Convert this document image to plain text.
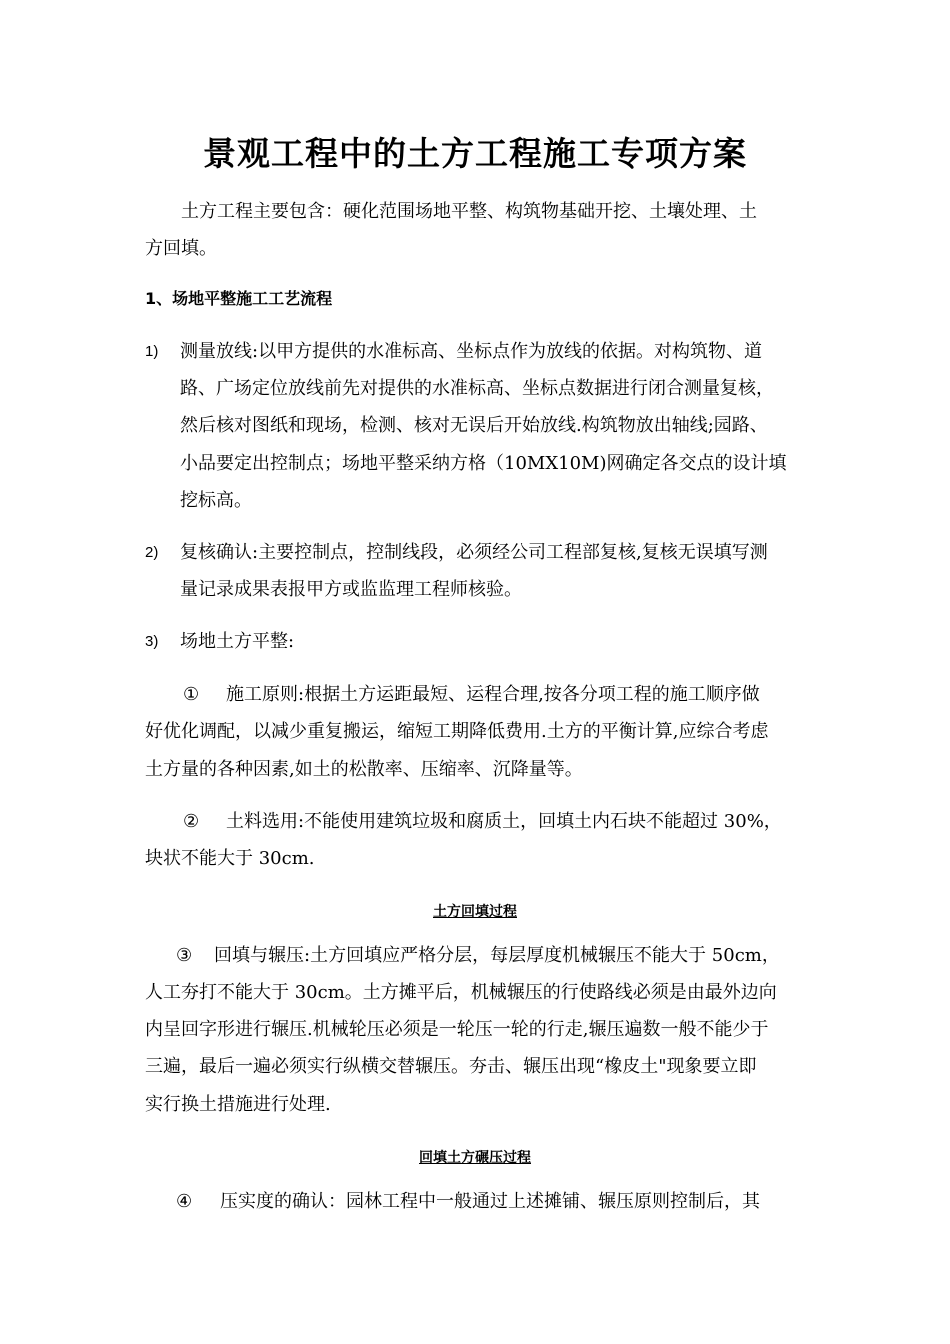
景观工程中的土方工程施工专项方案
土方工程主要包含：硬化范围场地平整、构筑物基础开挖、土壤处理、土
方回填。
1、场地平整施工工艺流程
1) 测量放线:以甲方提供的水准标高、坐标点作为放线的依据。对构筑物、道
路、广场定位放线前先对提供的水准标高、坐标点数据进行闭合测量复核，
然后核对图纸和现场，检测、核对无误后开始放线.构筑物放出轴线;园路、
小品要定出控制点；场地平整采纳方格（10MX10M)网确定各交点的设计填
挖标高。
2) 复核确认:主要控制点，控制线段，必须经公司工程部复核,复核无误填写测
量记录成果表报甲方或监监理工程师核验。
3) 场地土方平整:
① 施工原则:根据土方运距最短、运程合理,按各分项工程的施工顺序做
好优化调配，以减少重复搬运，缩短工期降低费用.土方的平衡计算,应综合考虑
土方量的各种因素,如土的松散率、压缩率、沉降量等。
② 土料选用:不能使用建筑垃圾和腐质土，回填土内石块不能超过 30%，
块状不能大于 30cm.
土方回填过程
③ 回填与辗压:土方回填应严格分层，每层厚度机械辗压不能大于 50cm，
人工夯打不能大于 30cm。土方摊平后，机械辗压的行使路线必须是由最外边向
内呈回字形进行辗压.机械轮压必须是一轮压一轮的行走,辗压遍数一般不能少于
三遍，最后一遍必须实行纵横交替辗压。夯击、辗压出现“橡皮土"现象要立即
实行换土措施进行处理.
回填土方碾压过程
④ 压实度的确认：园林工程中一般通过上述摊铺、辗压原则控制后，其
